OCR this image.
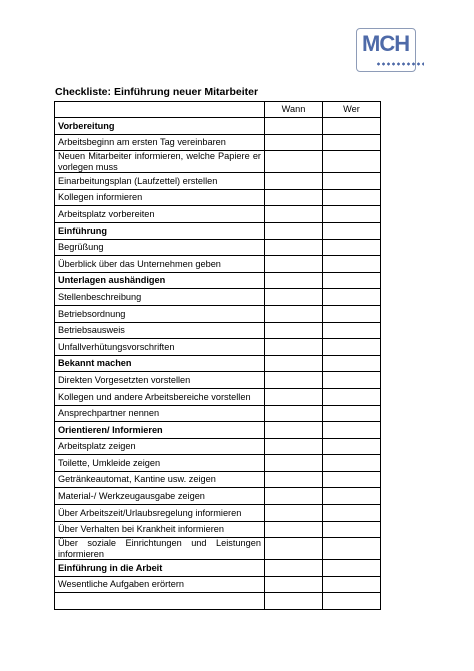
MCH
Checkliste: Einführung neuer Mitarbeiter
	Wann	Wer
Vorbereitung		
Arbeitsbeginn am ersten Tag vereinbaren		
Neuen Mitarbeiter informieren, welche Papiere er vorlegen muss		
Einarbeitungsplan (Laufzettel) erstellen		
Kollegen informieren		
Arbeitsplatz vorbereiten		
Einführung		
Begrüßung		
Überblick über das Unternehmen geben		
Unterlagen aushändigen		
Stellenbeschreibung		
Betriebsordnung		
Betriebsausweis		
Unfallverhütungsvorschriften		
Bekannt machen		
Direkten Vorgesetzten vorstellen		
Kollegen und andere Arbeitsbereiche vorstellen		
Ansprechpartner nennen		
Orientieren/ Informieren		
Arbeitsplatz zeigen		
Toilette, Umkleide zeigen		
Getränkeautomat, Kantine usw. zeigen		
Material-/ Werkzeugausgabe zeigen		
Über Arbeitszeit/Urlaubsregelung informieren		
Über Verhalten bei Krankheit informieren		
Über soziale Einrichtungen und Leistungen informieren		
Einführung in die Arbeit		
Wesentliche Aufgaben erörtern		
